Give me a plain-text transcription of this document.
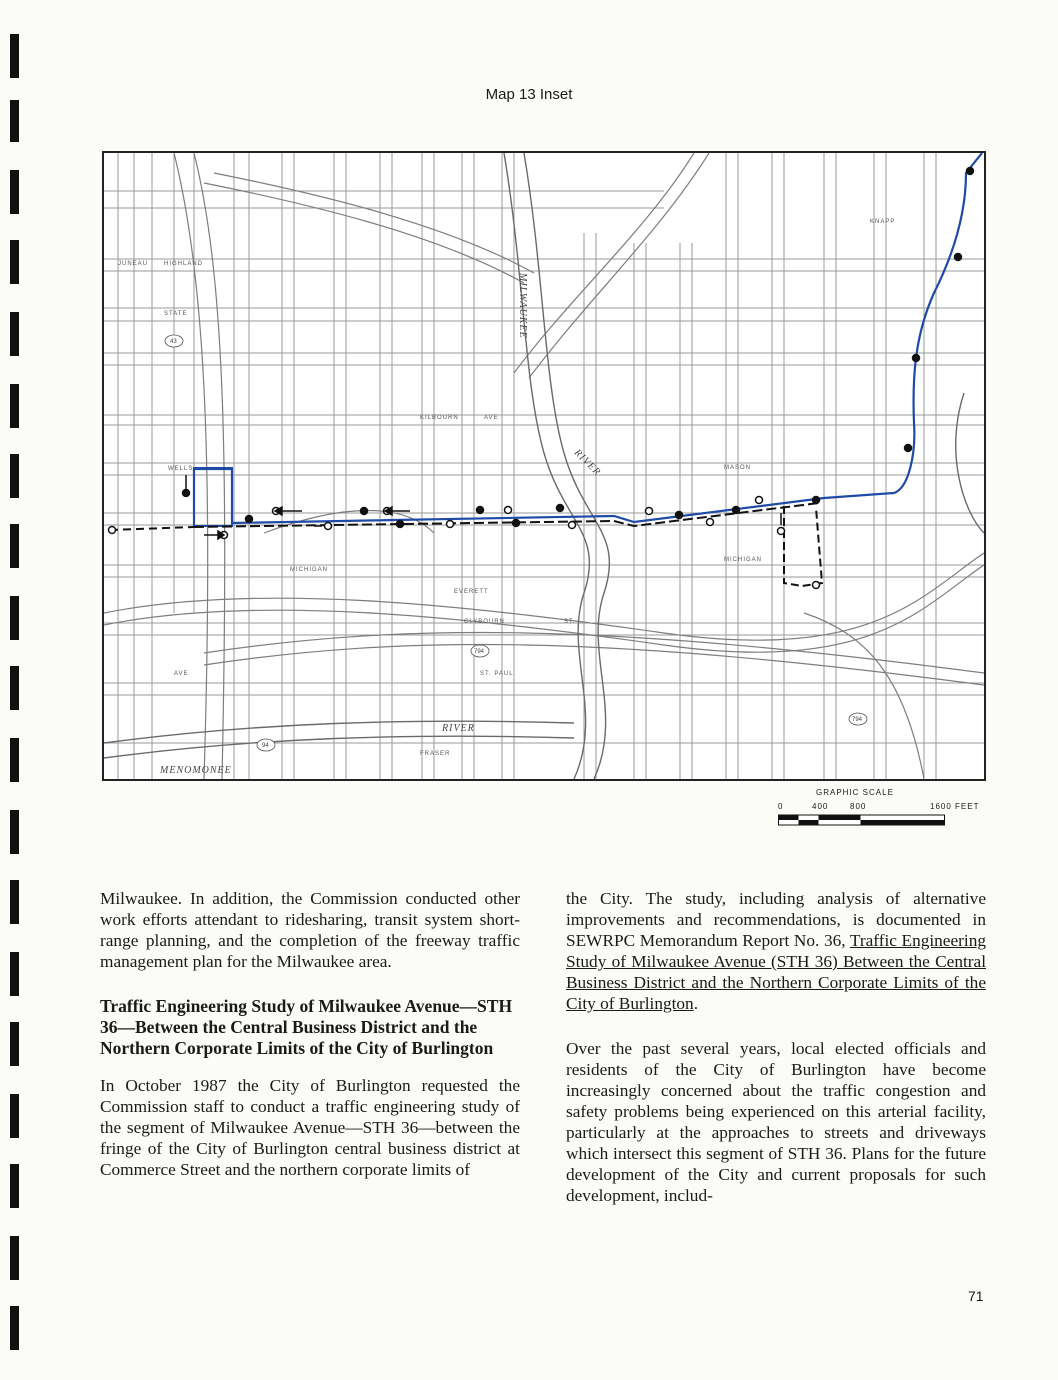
Map 13 Inset
HIGHLAND
STATE
JUNEAU
WELLS
KILBOURN	AVE
MICHIGAN
CLYBOURN
ST. PAUL
EVERETT
ST.
KNAPP
MASON
MICHIGAN
FRASER
AVE
MILWAUKEE
RIVER
RIVER
MENOMONEE
43
94
794
794
GRAPHIC SCALE
0	400	800	1600 FEET

Milwaukee. In addition, the Commission conducted other work efforts attendant to ridesharing, transit system short-range planning, and the completion of the freeway traffic management plan for the Milwaukee area.

Traffic Engineering Study of Milwaukee Avenue—STH 36—Between the Central Business District and the Northern Corporate Limits of the City of Burlington

In October 1987 the City of Burlington requested the Commission staff to conduct a traffic engineering study of the segment of Milwaukee Avenue—STH 36—between the fringe of the City of Burlington central business district at Commerce Street and the northern corporate limits of

the City. The study, including analysis of alternative improvements and recommendations, is documented in SEWRPC Memorandum Report No. 36, Traffic Engineering Study of Milwaukee Avenue (STH 36) Between the Central Business District and the Northern Corporate Limits of the City of Burlington.

Over the past several years, local elected officials and residents of the City of Burlington have become increasingly concerned about the traffic congestion and safety problems being experienced on this arterial facility, particularly at the approaches to streets and driveways which intersect this segment of STH 36. Plans for the future development of the City and current proposals for such development, includ-

71
